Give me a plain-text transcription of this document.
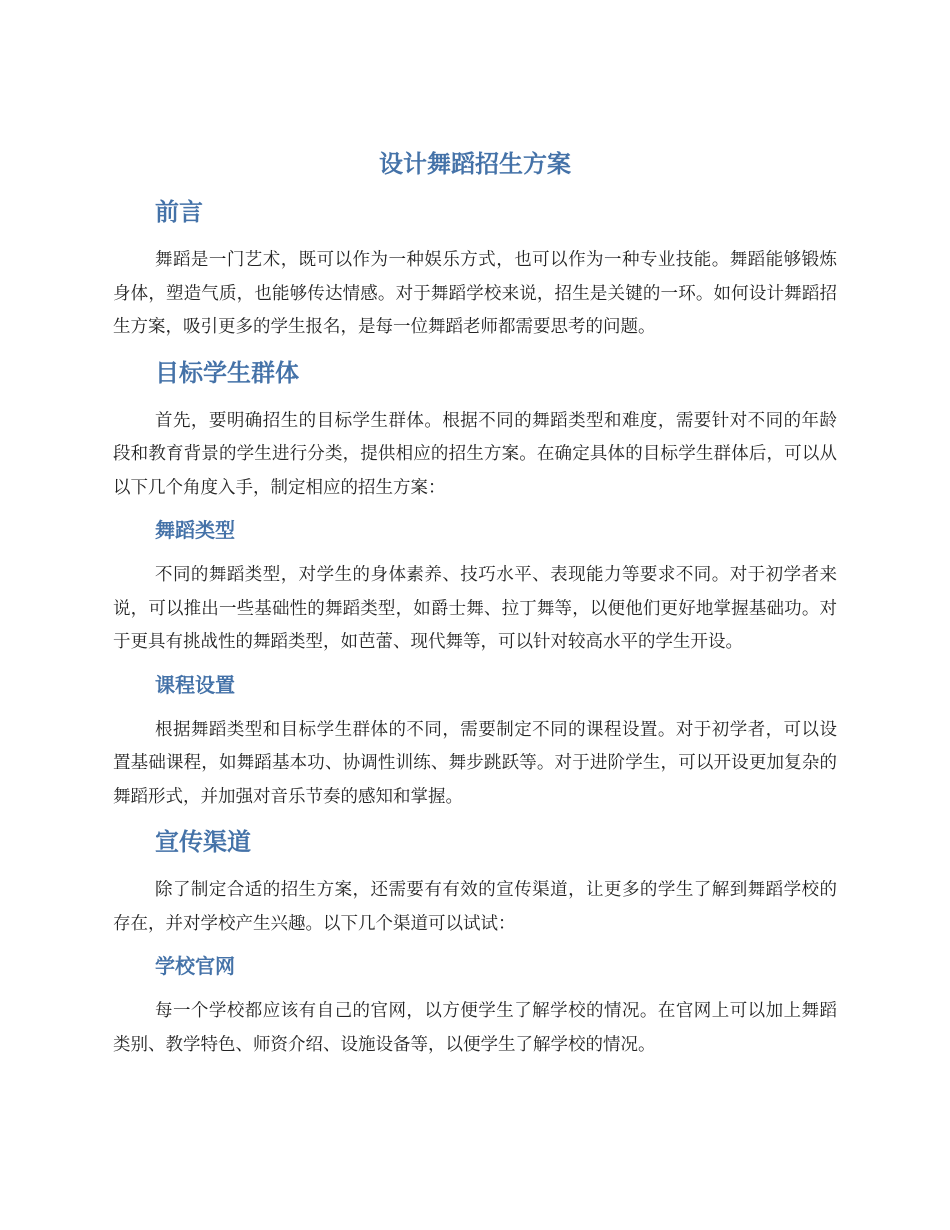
设计舞蹈招生方案
前言

舞蹈是一门艺术，既可以作为一种娱乐方式，也可以作为一种专业技能。舞蹈能够锻炼身体，塑造气质，也能够传达情感。对于舞蹈学校来说，招生是关键的一环。如何设计舞蹈招生方案，吸引更多的学生报名，是每一位舞蹈老师都需要思考的问题。

目标学生群体

首先，要明确招生的目标学生群体。根据不同的舞蹈类型和难度，需要针对不同的年龄段和教育背景的学生进行分类，提供相应的招生方案。在确定具体的目标学生群体后，可以从以下几个角度入手，制定相应的招生方案：

舞蹈类型

不同的舞蹈类型，对学生的身体素养、技巧水平、表现能力等要求不同。对于初学者来说，可以推出一些基础性的舞蹈类型，如爵士舞、拉丁舞等，以便他们更好地掌握基础功。对于更具有挑战性的舞蹈类型，如芭蕾、现代舞等，可以针对较高水平的学生开设。

课程设置

根据舞蹈类型和目标学生群体的不同，需要制定不同的课程设置。对于初学者，可以设置基础课程，如舞蹈基本功、协调性训练、舞步跳跃等。对于进阶学生，可以开设更加复杂的舞蹈形式，并加强对音乐节奏的感知和掌握。

宣传渠道

除了制定合适的招生方案，还需要有有效的宣传渠道，让更多的学生了解到舞蹈学校的存在，并对学校产生兴趣。以下几个渠道可以试试：

学校官网

每一个学校都应该有自己的官网，以方便学生了解学校的情况。在官网上可以加上舞蹈类别、教学特色、师资介绍、设施设备等，以便学生了解学校的情况。
